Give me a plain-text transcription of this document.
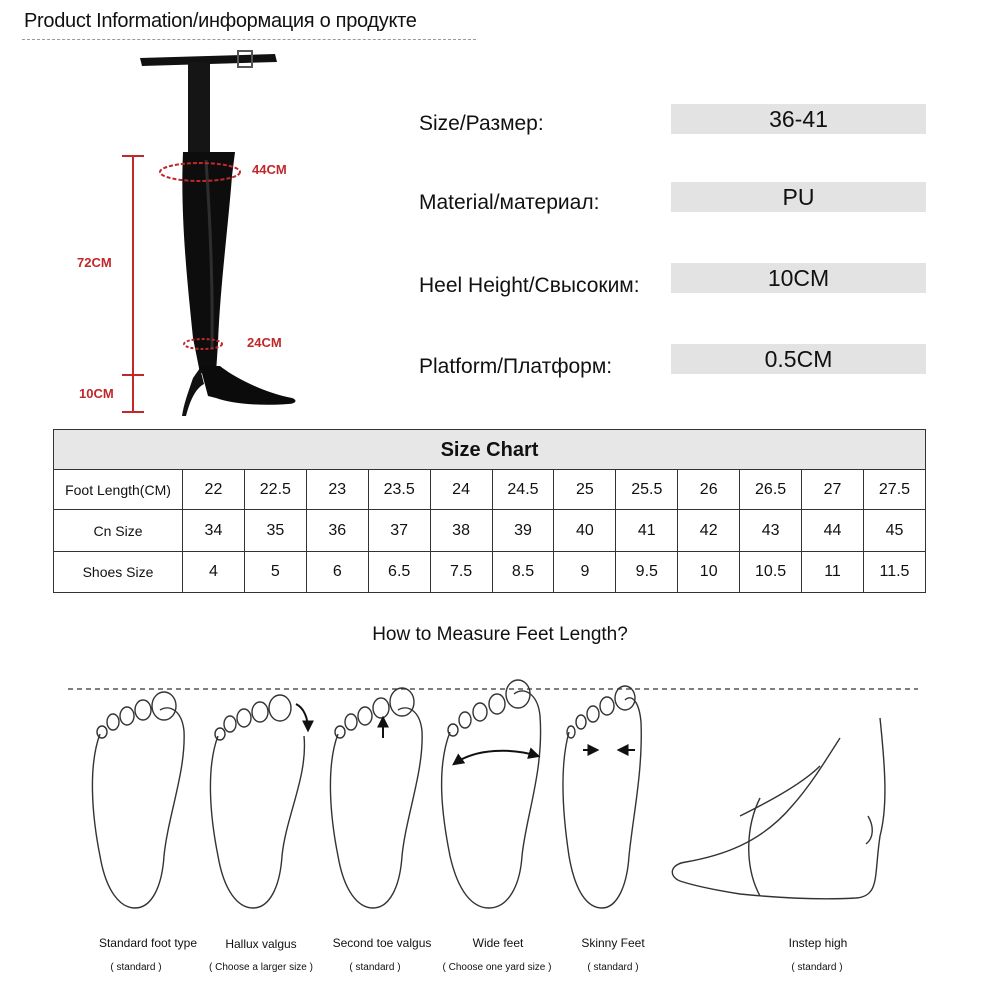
Product Information/информация о продукте
44CM
72CM
24CM
10CM
Size/Размер:	36-41
Material/материал:	PU
Heel Height/Свысоким:	10CM
Platform/Платформ:	0.5CM
Size Chart
Foot Length(CM)	22	22.5	23	23.5	24	24.5	25	25.5	26	26.5	27	27.5
Cn Size	34	35	36	37	38	39	40	41	42	43	44	45
Shoes Size	4	5	6	6.5	7.5	8.5	9	9.5	10	10.5	11	11.5
How to Measure Feet Length?
Standard foot type
( standard )
Hallux valgus
( Choose a larger size )
Second toe valgus
( standard )
Wide feet
( Choose one yard size )
Skinny Feet
( standard )
Instep high
( standard )
